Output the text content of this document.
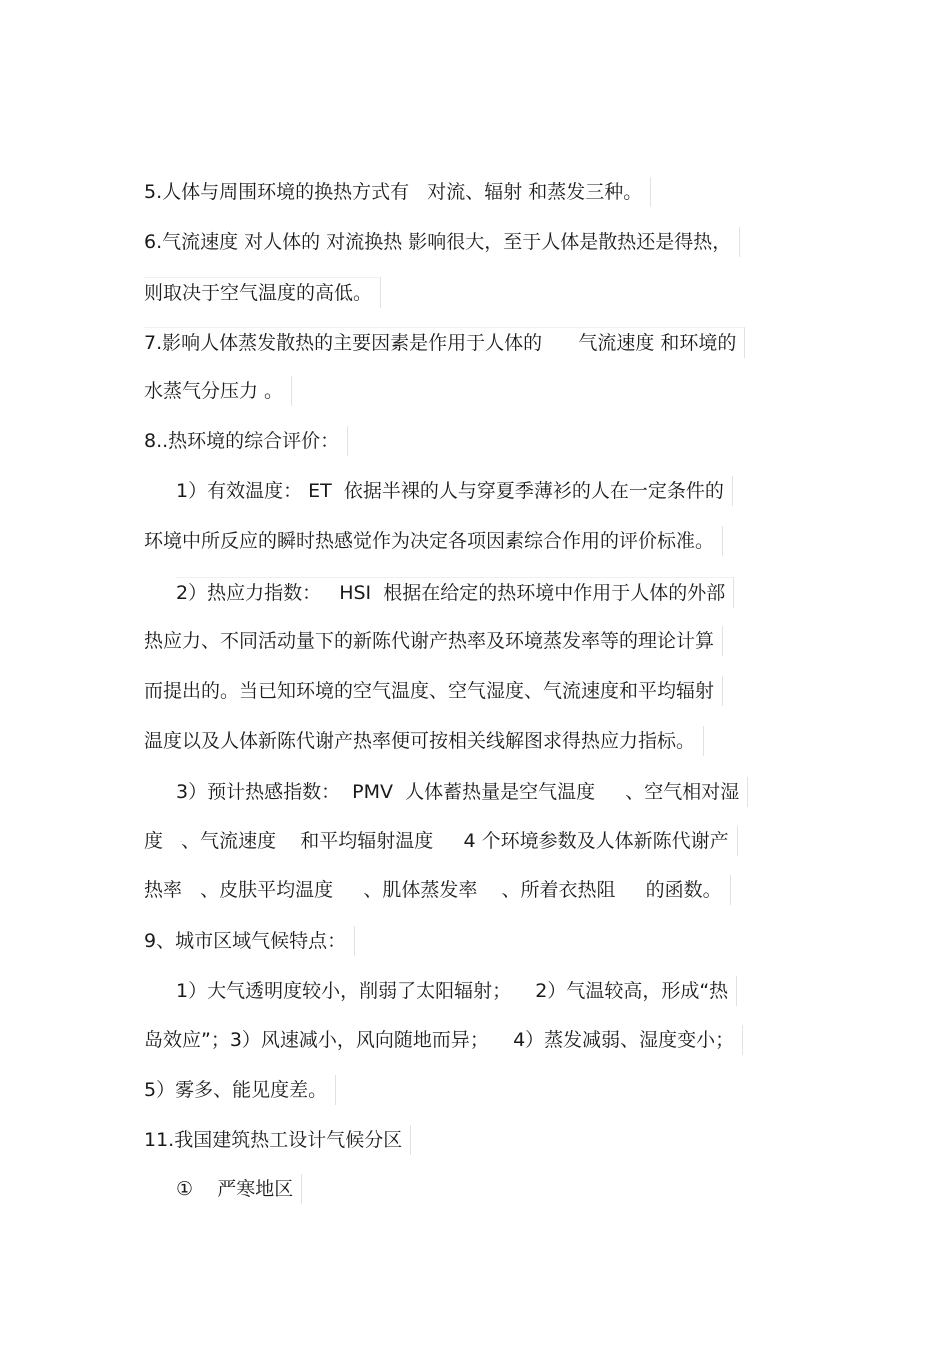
5.人体与周围环境的换热方式有   对流、辐射 和蒸发三种。
6.气流速度 对人体的 对流换热 影响很大，至于人体是散热还是得热，
则取决于空气温度的高低。
7.影响人体蒸发散热的主要因素是作用于人体的      气流速度 和环境的
水蒸气分压力 。
8..热环境的综合评价：
1）有效温度： ET  依据半裸的人与穿夏季薄衫的人在一定条件的
环境中所反应的瞬时热感觉作为决定各项因素综合作用的评价标准。
2）热应力指数：   HSI  根据在给定的热环境中作用于人体的外部
热应力、不同活动量下的新陈代谢产热率及环境蒸发率等的理论计算
而提出的。当已知环境的空气温度、空气湿度、气流速度和平均辐射
温度以及人体新陈代谢产热率便可按相关线解图求得热应力指标。
3）预计热感指数：  PMV  人体蓄热量是空气温度     、空气相对湿
度   、气流速度    和平均辐射温度     4 个环境参数及人体新陈代谢产
热率   、皮肤平均温度     、肌体蒸发率    、所着衣热阻     的函数。
9、城市区域气候特点：
1）大气透明度较小，削弱了太阳辐射；    2）气温较高，形成“热
岛效应”；3）风速减小，风向随地而异；    4）蒸发减弱、湿度变小；
5）雾多、能见度差。
11.我国建筑热工设计气候分区
①    严寒地区
